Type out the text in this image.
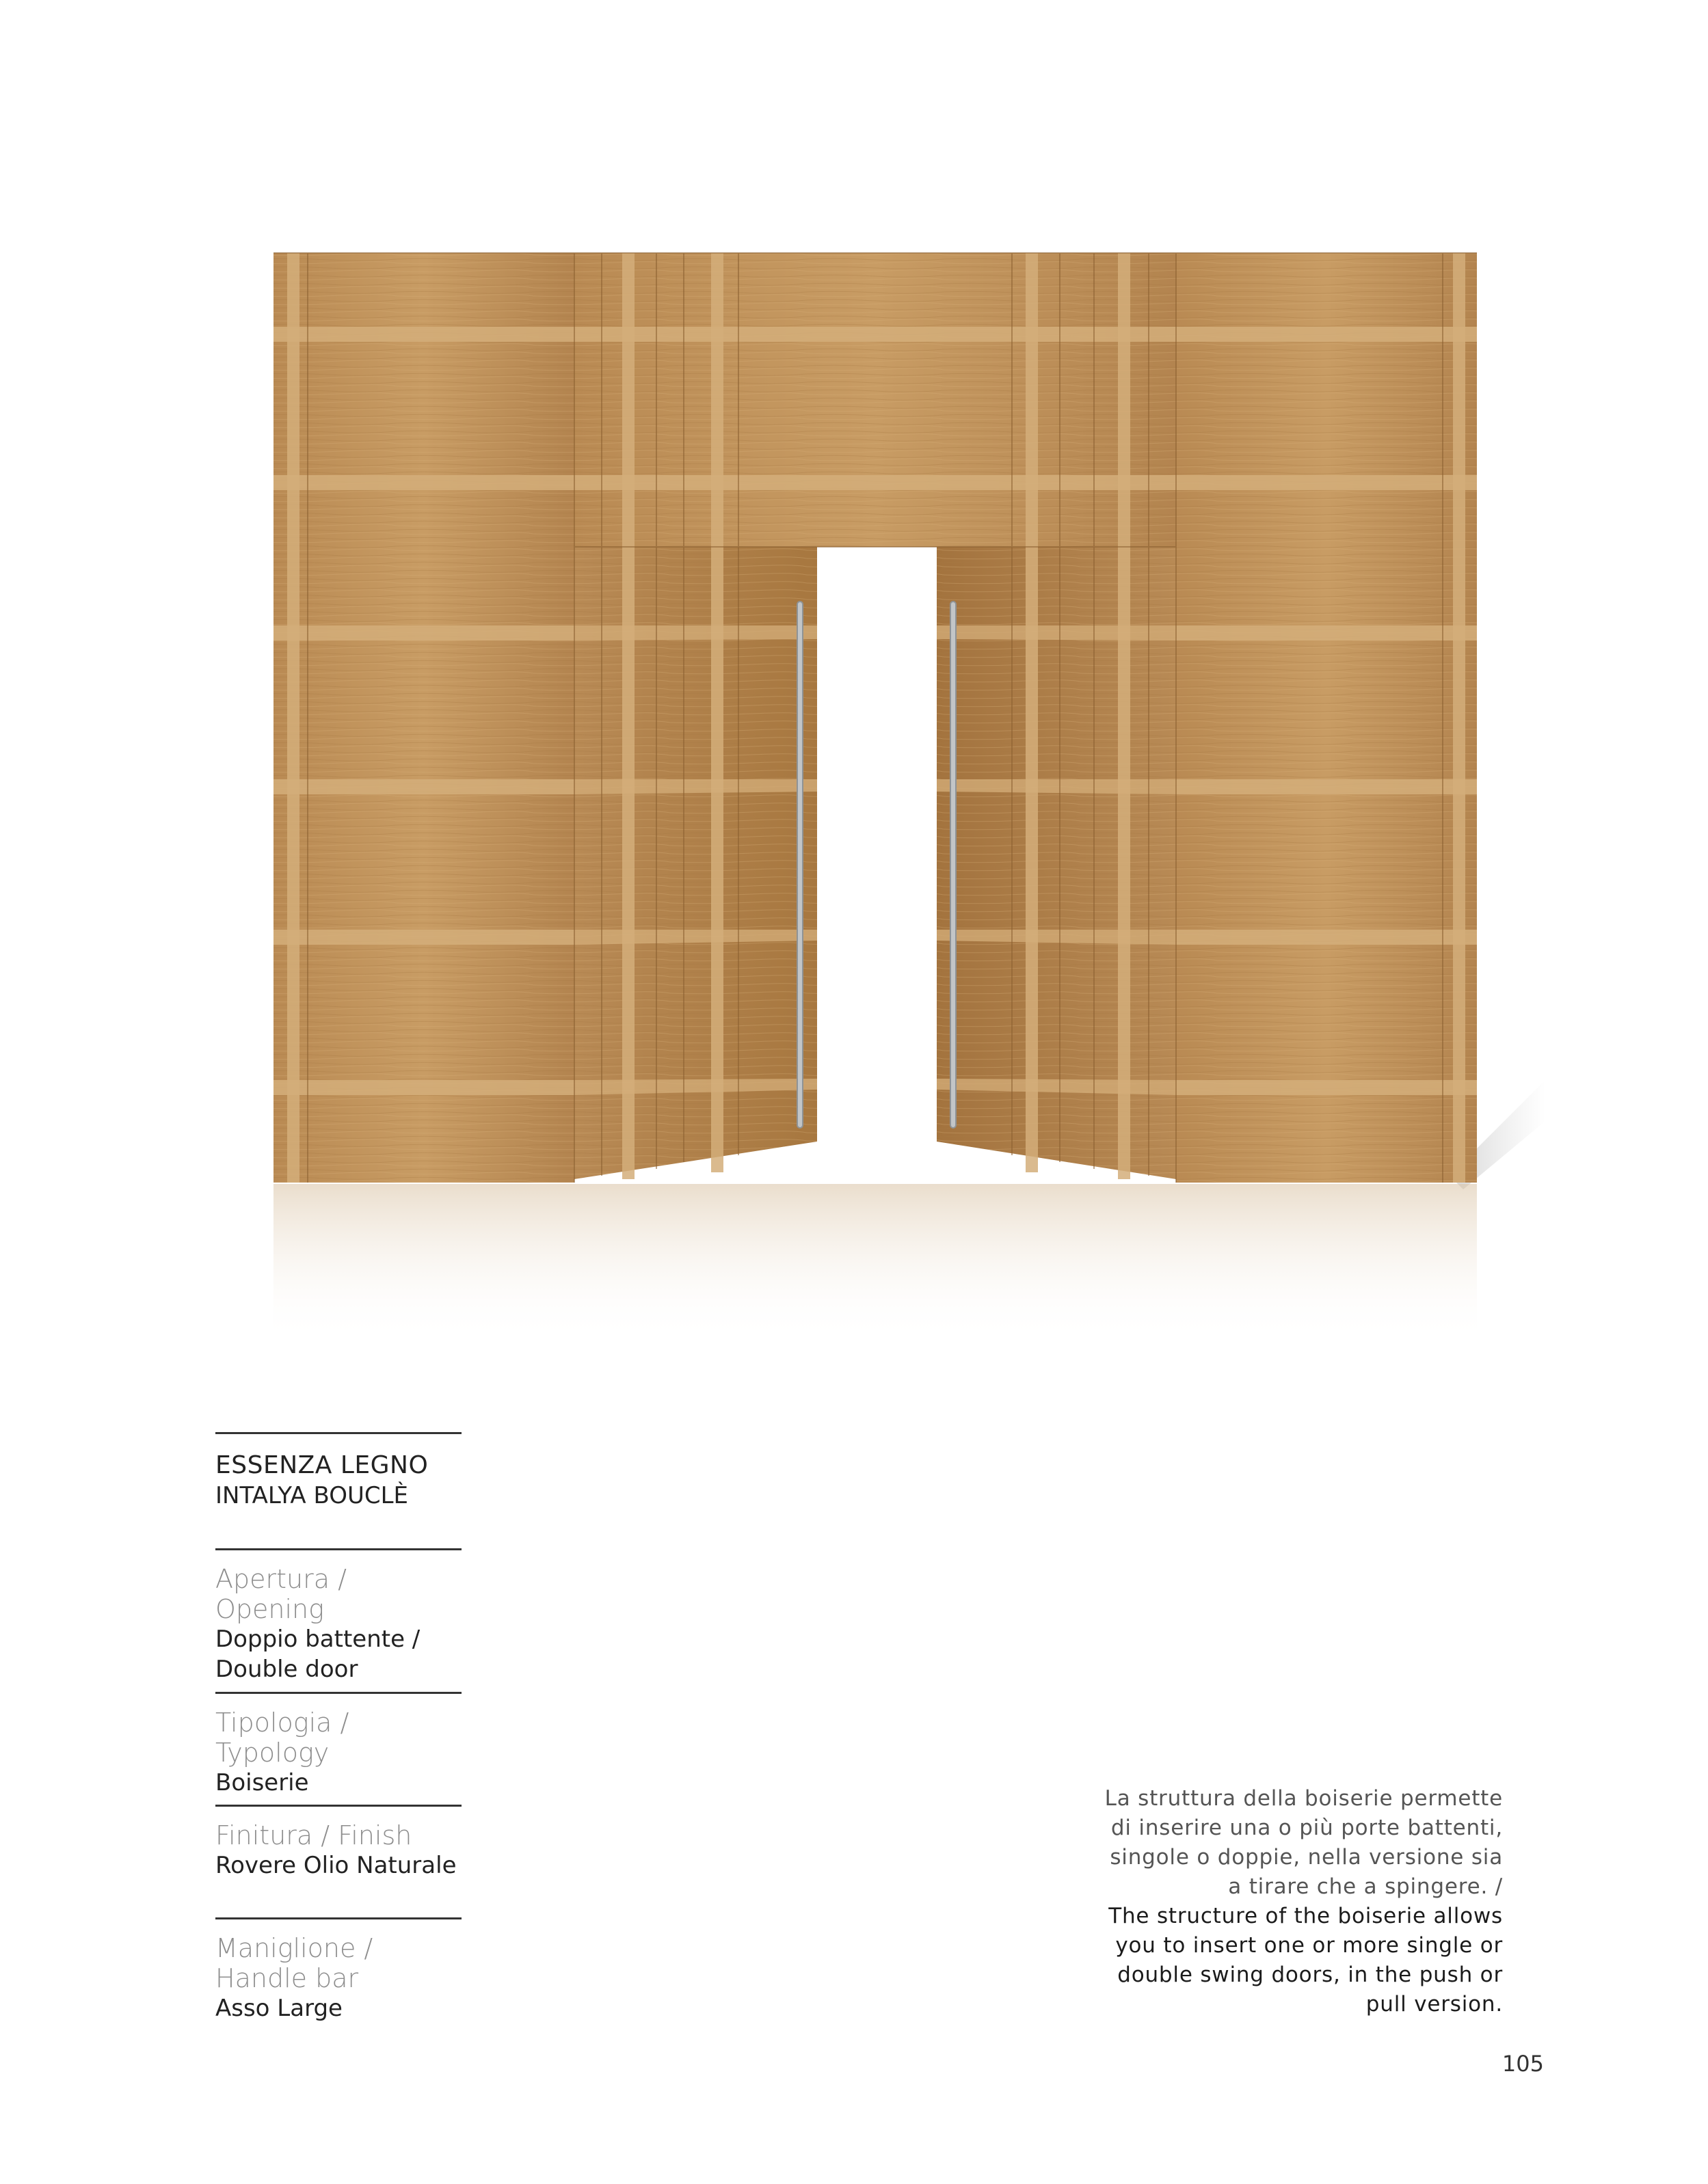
ESSENZA LEGNO
INTALYA BOUCLÈ
Apertura / Opening
Doppio battente /
Double door
Tipologia / Typology
Boiserie
Finitura / Finish
Rovere Olio Naturale
Maniglione /
Handle bar
Asso Large
La struttura della boiserie permette
di inserire una o più porte battenti,
singole o doppie, nella versione sia
a tirare che a spingere. /
The structure of the boiserie allows
you to insert one or more single or
double swing doors, in the push or
pull version.
105
